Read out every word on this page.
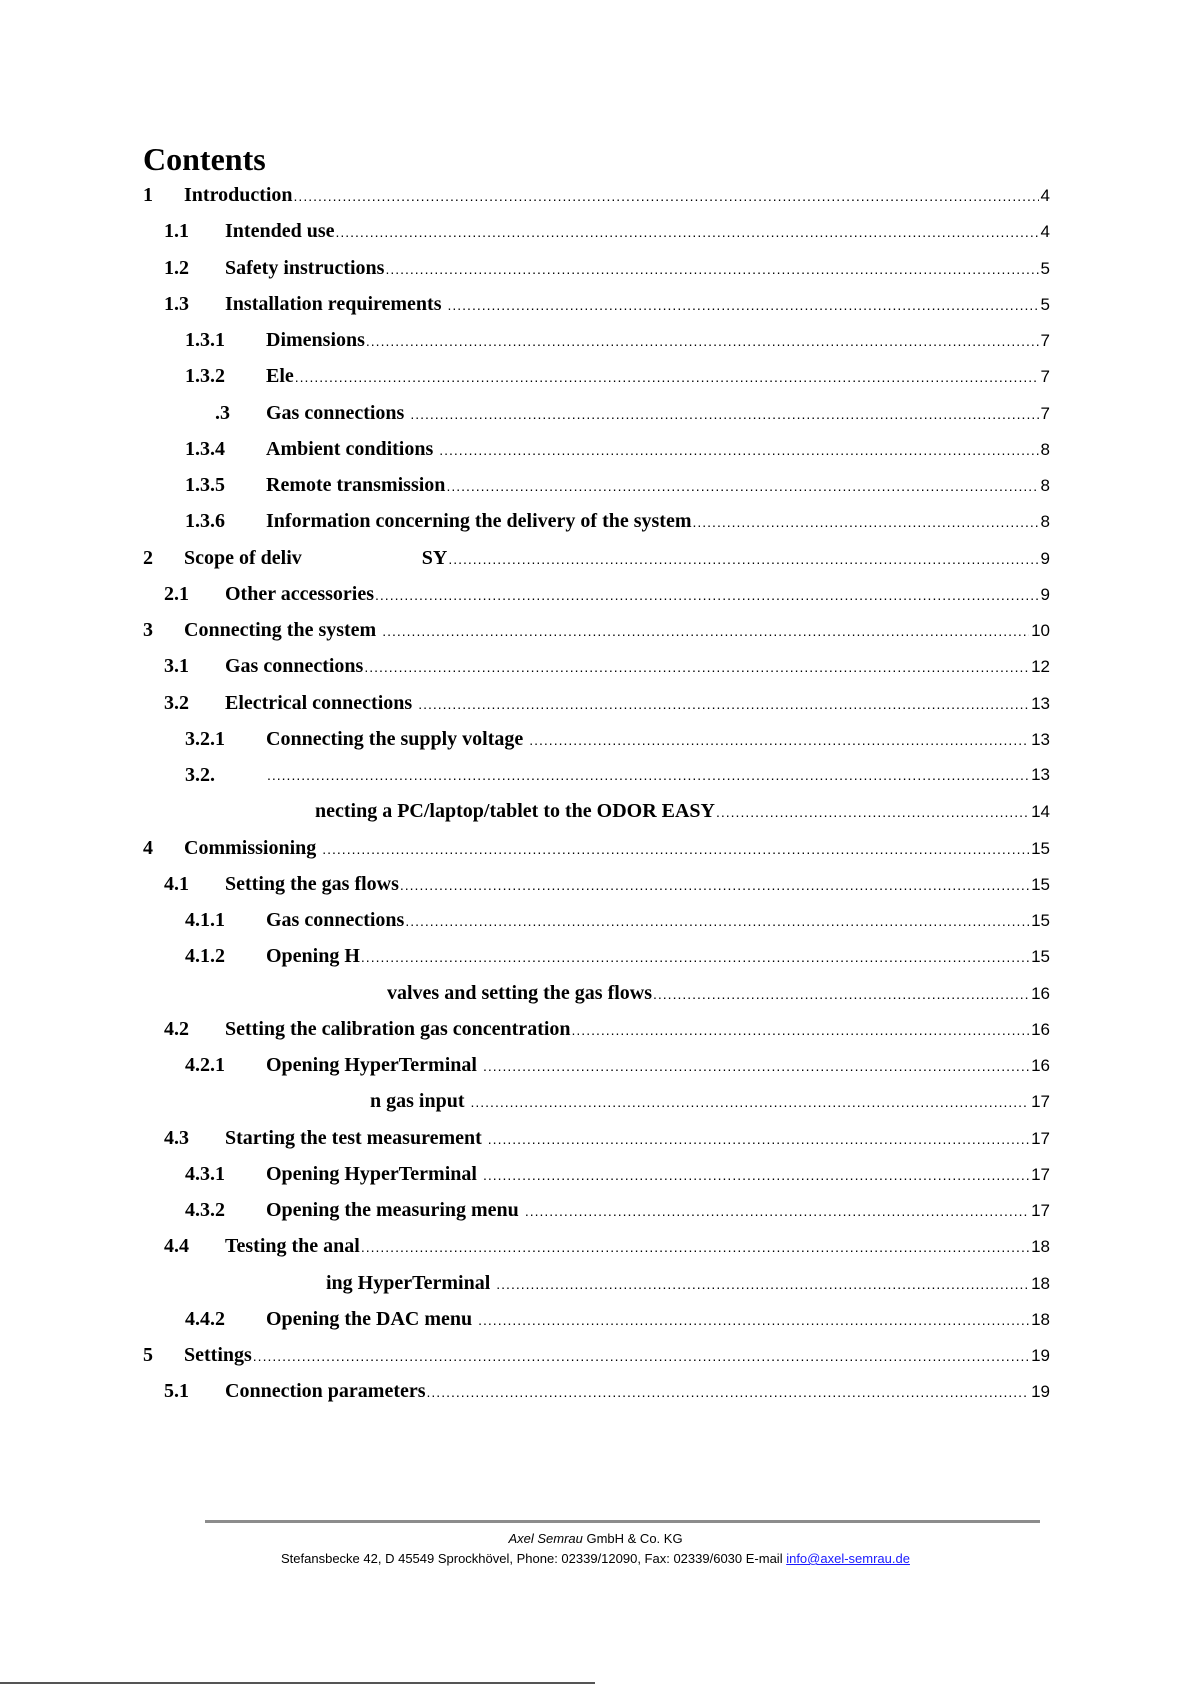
Contents
1 Introduction .....	4
1.1 Intended use .....	4
1.2 Safety instructions .....	5
1.3 Installation requirements .....	5
1.3.1 Dimensions .....	7
1.3.2 Ele .....	7
.3 Gas connections .....	7
1.3.4 Ambient conditions .....	8
1.3.5 Remote transmission .....	8
1.3.6 Information concerning the delivery of the system .....	8
2 Scope of deliv                        SY .....	9
2.1 Other accessories .....	9
3 Connecting the system .....	10
3.1 Gas connections .....	12
3.2 Electrical connections .....	13
3.2.1 Connecting the supply voltage .....	13
3.2. .....	13
necting a PC/laptop/tablet to the ODOR EASY .....	14
4 Commissioning .....	15
4.1 Setting the gas flows .....	15
4.1.1 Gas connections .....	15
4.1.2 Opening H .....	15
valves and setting the gas flows .....	16
4.2 Setting the calibration gas concentration .....	16
4.2.1 Opening HyperTerminal .....	16
n gas input .....	17
4.3 Starting the test measurement .....	17
4.3.1 Opening HyperTerminal .....	17
4.3.2 Opening the measuring menu .....	17
4.4 Testing the anal .....	18
ing HyperTerminal .....	18
4.4.2 Opening the DAC menu .....	18
5 Settings .....	19
5.1 Connection parameters .....	19
Axel Semrau GmbH & Co. KG
Stefansbecke 42, D 45549 Sprockhövel, Phone: 02339/12090, Fax: 02339/6030 E-mail info@axel-semrau.de
